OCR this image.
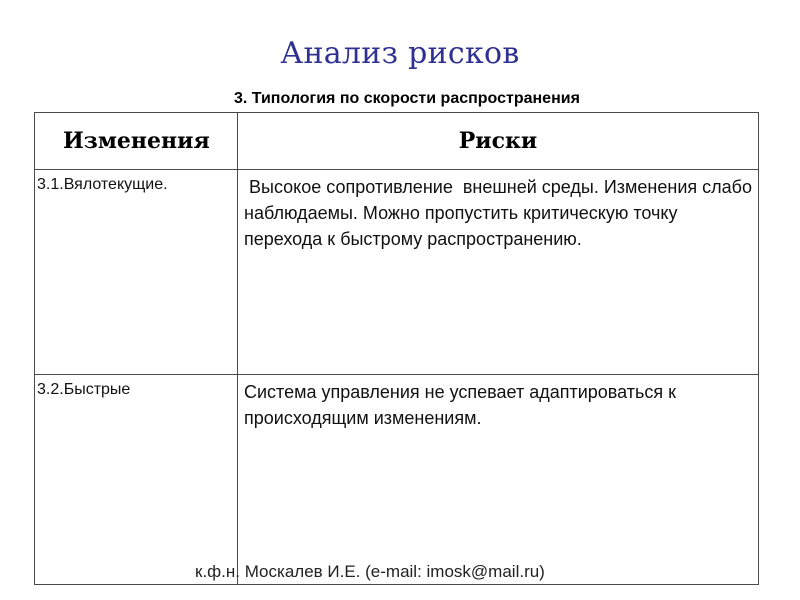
Анализ рисков
3. Типология по скорости распространения
Изменения	Риски
3.1.Вялотекущие.	Высокое сопротивление  внешней среды. Изменения слабо наблюдаемы. Можно пропустить критическую точку перехода к быстрому распространению.
3.2.Быстрые	Система управления не успевает адаптироваться к происходящим изменениям.
к.ф.н. Москалев И.Е. (e-mail: imosk@mail.ru)
